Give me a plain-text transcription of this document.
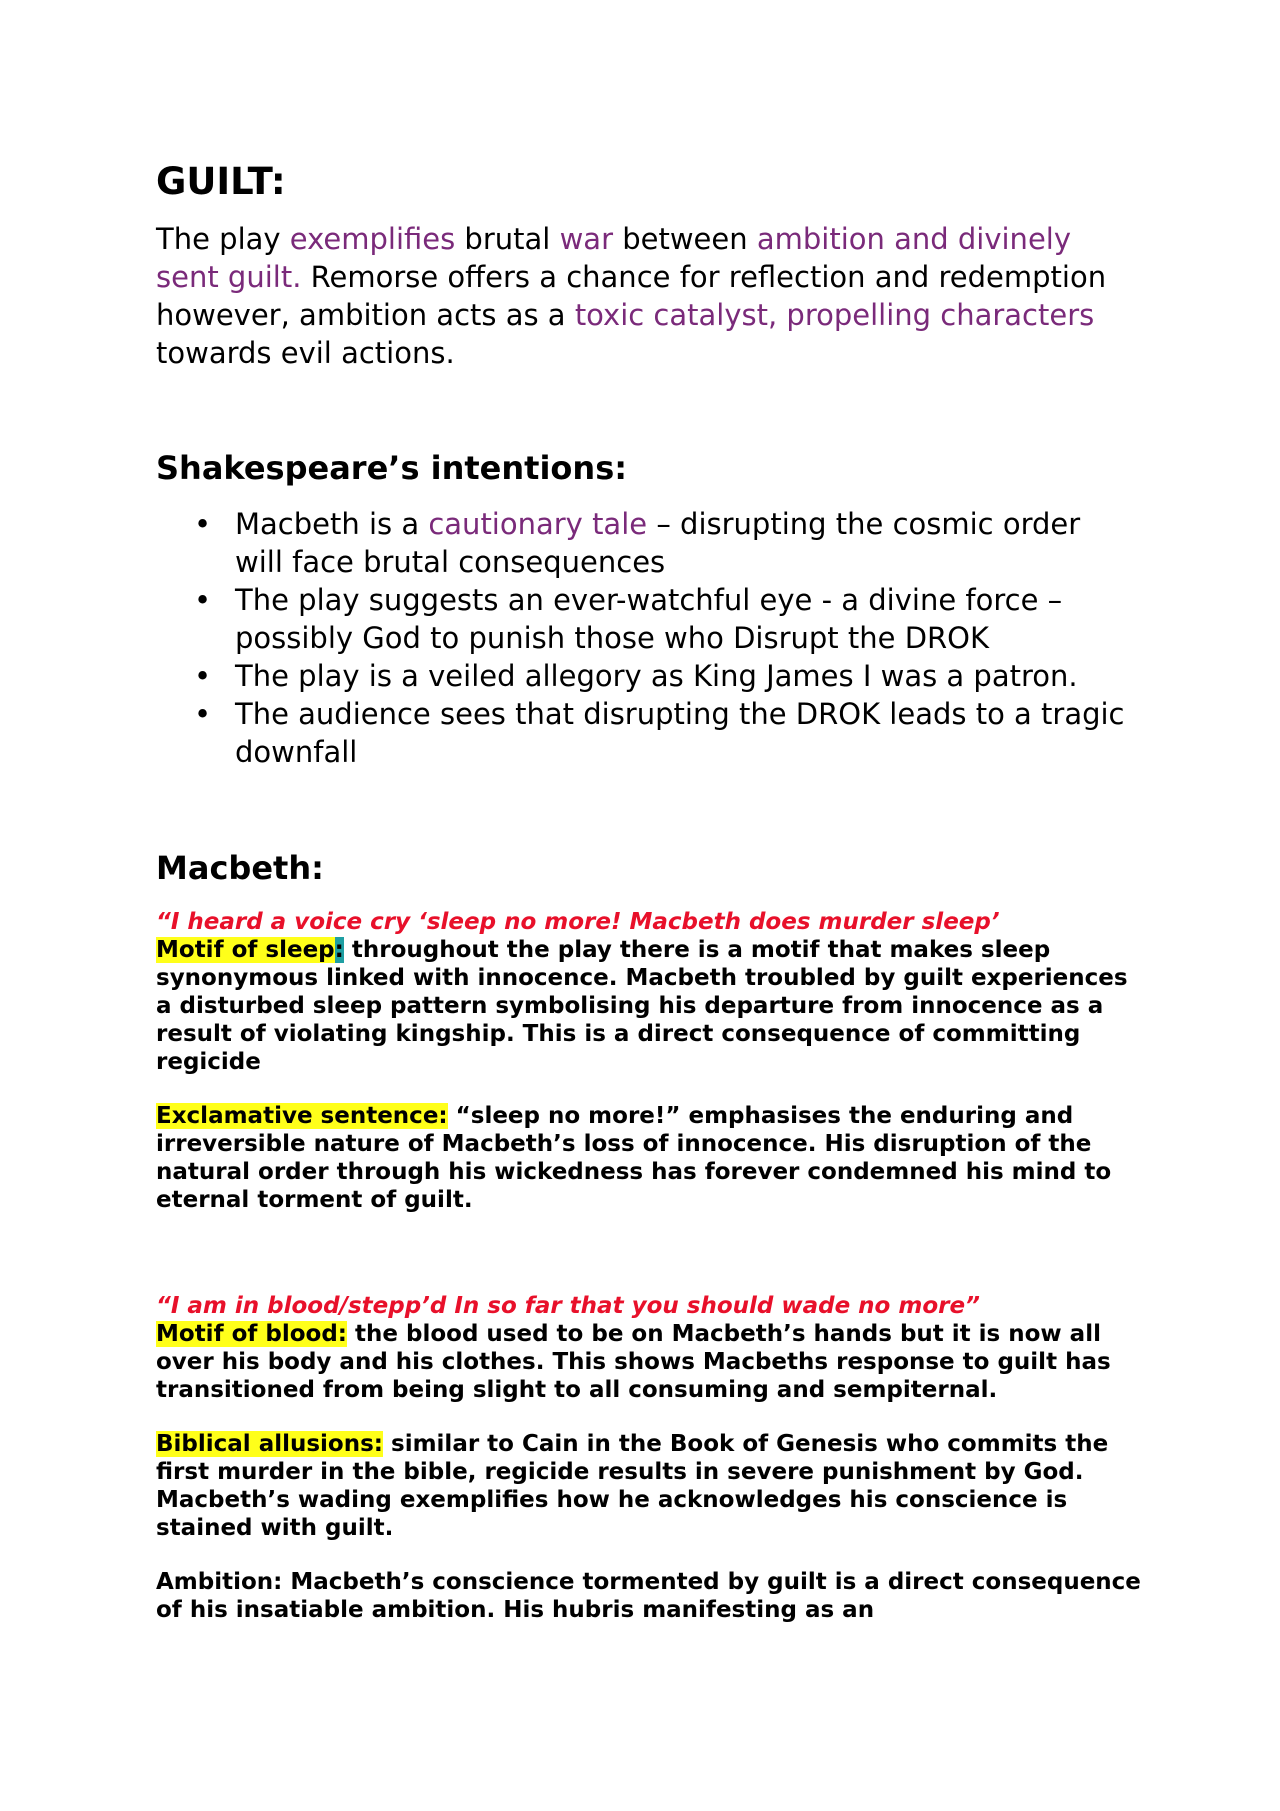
GUILT:

The play exemplifies brutal war between ambition and divinely sent guilt. Remorse offers a chance for reflection and redemption however, ambition acts as a toxic catalyst, propelling characters towards evil actions.

Shakespeare’s intentions:
• Macbeth is a cautionary tale – disrupting the cosmic order will face brutal consequences
• The play suggests an ever-watchful eye - a divine force – possibly God to punish those who Disrupt the DROK
• The play is a veiled allegory as King James I was a patron.
• The audience sees that disrupting the DROK leads to a tragic downfall
Macbeth:

“I heard a voice cry ‘sleep no more! Macbeth does murder sleep’

Motif of sleep: throughout the play there is a motif that makes sleep synonymous linked with innocence. Macbeth troubled by guilt experiences a disturbed sleep pattern symbolising his departure from innocence as a result of violating kingship. This is a direct consequence of committing regicide

Exclamative sentence: “sleep no more!” emphasises the enduring and irreversible nature of Macbeth’s loss of innocence. His disruption of the natural order through his wickedness has forever condemned his mind to eternal torment of guilt.

“I am in blood/stepp’d In so far that you should wade no more”

Motif of blood: the blood used to be on Macbeth’s hands but it is now all over his body and his clothes. This shows Macbeths response to guilt has transitioned from being slight to all consuming and sempiternal.

Biblical allusions: similar to Cain in the Book of Genesis who commits the first murder in the bible, regicide results in severe punishment by God. Macbeth’s wading exemplifies how he acknowledges his conscience is stained with guilt.

Ambition: Macbeth’s conscience tormented by guilt is a direct consequence of his insatiable ambition. His hubris manifesting as an
